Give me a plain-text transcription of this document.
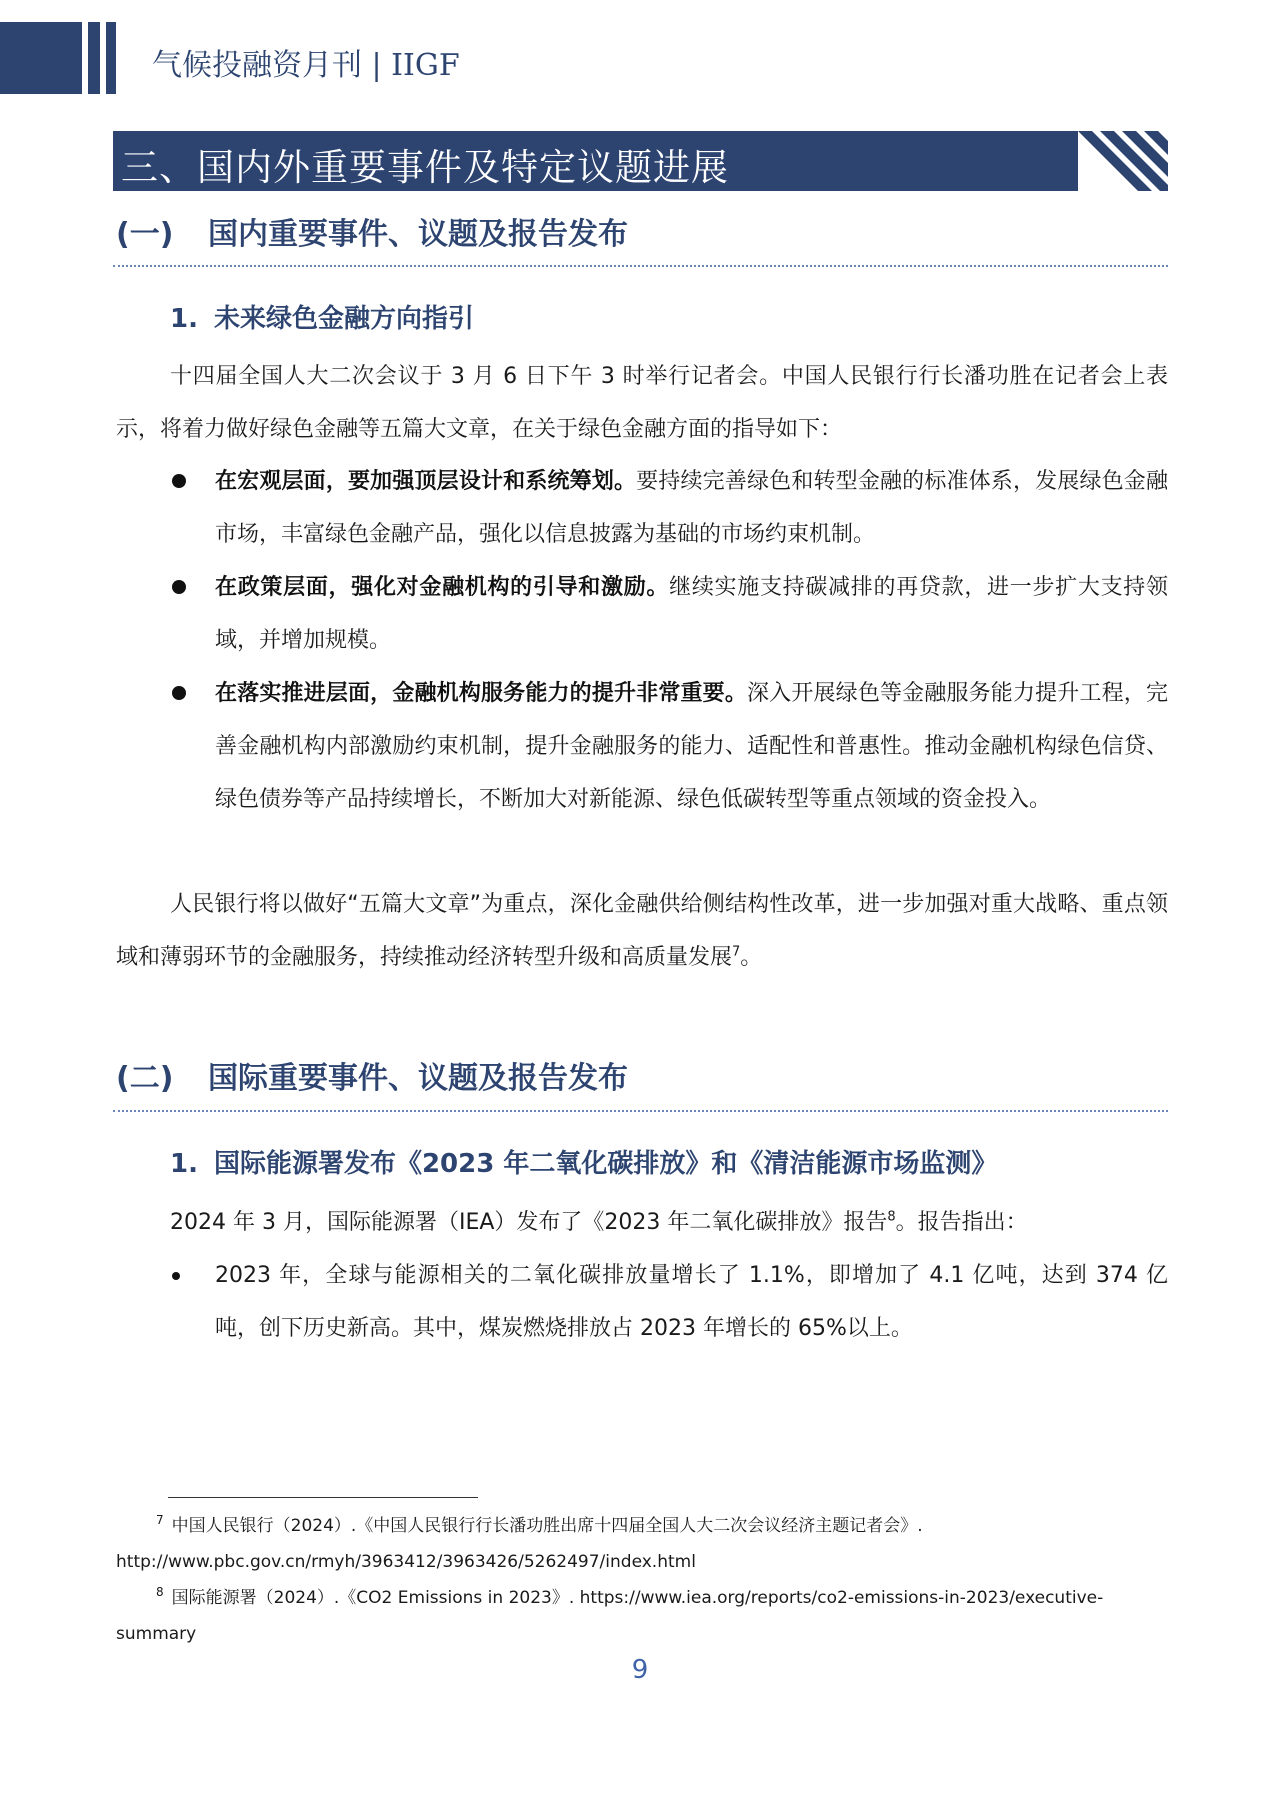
气候投融资月刊 | IIGF
三、国内外重要事件及特定议题进展
(一) 国内重要事件、议题及报告发布
1. 未来绿色金融方向指引
十四届全国人大二次会议于 3 月 6 日下午 3 时举行记者会。中国人民银行行长潘功胜在记者会上表示，将着力做好绿色金融等五篇大文章，在关于绿色金融方面的指导如下：
在宏观层面，要加强顶层设计和系统筹划。要持续完善绿色和转型金融的标准体系，发展绿色金融市场，丰富绿色金融产品，强化以信息披露为基础的市场约束机制。
在政策层面，强化对金融机构的引导和激励。继续实施支持碳减排的再贷款，进一步扩大支持领域，并增加规模。
在落实推进层面，金融机构服务能力的提升非常重要。深入开展绿色等金融服务能力提升工程，完善金融机构内部激励约束机制，提升金融服务的能力、适配性和普惠性。推动金融机构绿色信贷、绿色债券等产品持续增长，不断加大对新能源、绿色低碳转型等重点领域的资金投入。
人民银行将以做好“五篇大文章”为重点，深化金融供给侧结构性改革，进一步加强对重大战略、重点领域和薄弱环节的金融服务，持续推动经济转型升级和高质量发展$^7$。
(二) 国际重要事件、议题及报告发布
1. 国际能源署发布《2023 年二氧化碳排放》和《清洁能源市场监测》
2024 年 3 月，国际能源署（IEA）发布了《2023 年二氧化碳排放》报告$^8$。报告指出：
2023 年，全球与能源相关的二氧化碳排放量增长了 1.1%，即增加了 4.1 亿吨，达到 374 亿吨，创下历史新高。其中，煤炭燃烧排放占 2023 年增长的 65%以上。
$^7$ 中国人民银行（2024）.《中国人民银行行长潘功胜出席十四届全国人大二次会议经济主题记者会》. http://www.pbc.gov.cn/rmyh/3963412/3963426/5262497/index.html
$^8$ 国际能源署（2024）.《CO2 Emissions in 2023》. https://www.iea.org/reports/co2-emissions-in-2023/executive-summary
9
